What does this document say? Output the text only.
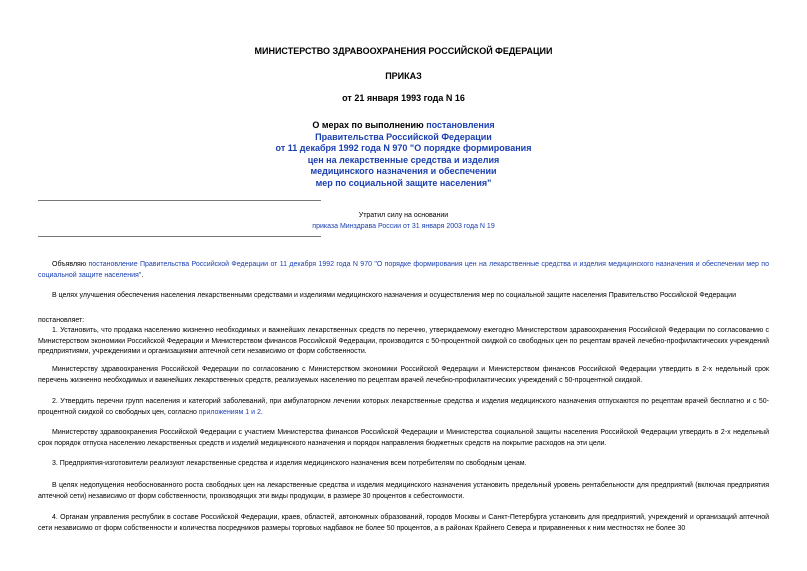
МИНИСТЕРСТВО ЗДРАВООХРАНЕНИЯ РОССИЙСКОЙ ФЕДЕРАЦИИ
ПРИКАЗ
от 21 января 1993 года N 16
О мерах по выполнению постановления
Правительства Российской Федерации
от 11 декабря 1992 года N 970 "О порядке формирования
цен на лекарственные средства и изделия
медицинского назначения и обеспечении
мер по социальной защите населения"
Утратил силу на основании
приказа Минздрава России от 31 января 2003 года N 19

Объявляю постановление Правительства Российской Федерации от 11 декабря 1992 года N 970 "О порядке формирования цен на лекарственные средства и изделия медицинского назначения и обеспечении мер по социальной защите населения".

В целях улучшения обеспечения населения лекарственными средствами и изделиями медицинского назначения и осуществления мер по социальной защите населения Правительство Российской Федерации

постановляет:

1. Установить, что продажа населению жизненно необходимых и важнейших лекарственных средств по перечню, утверждаемому ежегодно Министерством здравоохранения Российской Федерации по согласованию с Министерством экономики Российской Федерации и Министерством финансов Российской Федерации, производится с 50-процентной скидкой со свободных цен по рецептам врачей лечебно-профилактических учреждений предприятиями, учреждениями и организациями аптечной сети независимо от форм собственности.

Министерству здравоохранения Российской Федерации по согласованию с Министерством экономики Российской Федерации и Министерством финансов Российской Федерации утвердить в 2-х недельный срок перечень жизненно необходимых и важнейших лекарственных средств, реализуемых населению по рецептам врачей лечебно-профилактических учреждений с 50-процентной скидкой.

2. Утвердить перечни групп населения и категорий заболеваний, при амбулаторном лечении которых лекарственные средства и изделия медицинского назначения отпускаются по рецептам врачей бесплатно и с 50-процентной скидкой со свободных цен, согласно приложениям 1 и 2.

Министерству здравоохранения Российской Федерации с участием Министерства финансов Российской Федерации и Министерства социальной защиты населения Российской Федерации утвердить в 2-х недельный срок порядок отпуска населению лекарственных средств и изделий медицинского назначения и порядок направления бюджетных средств на покрытие расходов на эти цели.

3. Предприятия-изготовители реализуют лекарственные средства и изделия медицинского назначения всем потребителям по свободным ценам.

В целях недопущения необоснованного роста свободных цен на лекарственные средства и изделия медицинского назначения установить предельный уровень рентабельности для предприятий (включая предприятия аптечной сети) независимо от форм собственности, производящих эти виды продукции, в размере 30 процентов к себестоимости.

4. Органам управления республик в составе Российской Федерации, краев, областей, автономных образований, городов Москвы и Санкт-Петербурга установить для предприятий, учреждений и организаций аптечной сети независимо от форм собственности и количества посредников размеры торговых надбавок не более 50 процентов, а в районах Крайнего Севера и приравненных к ним местностях не более 30
